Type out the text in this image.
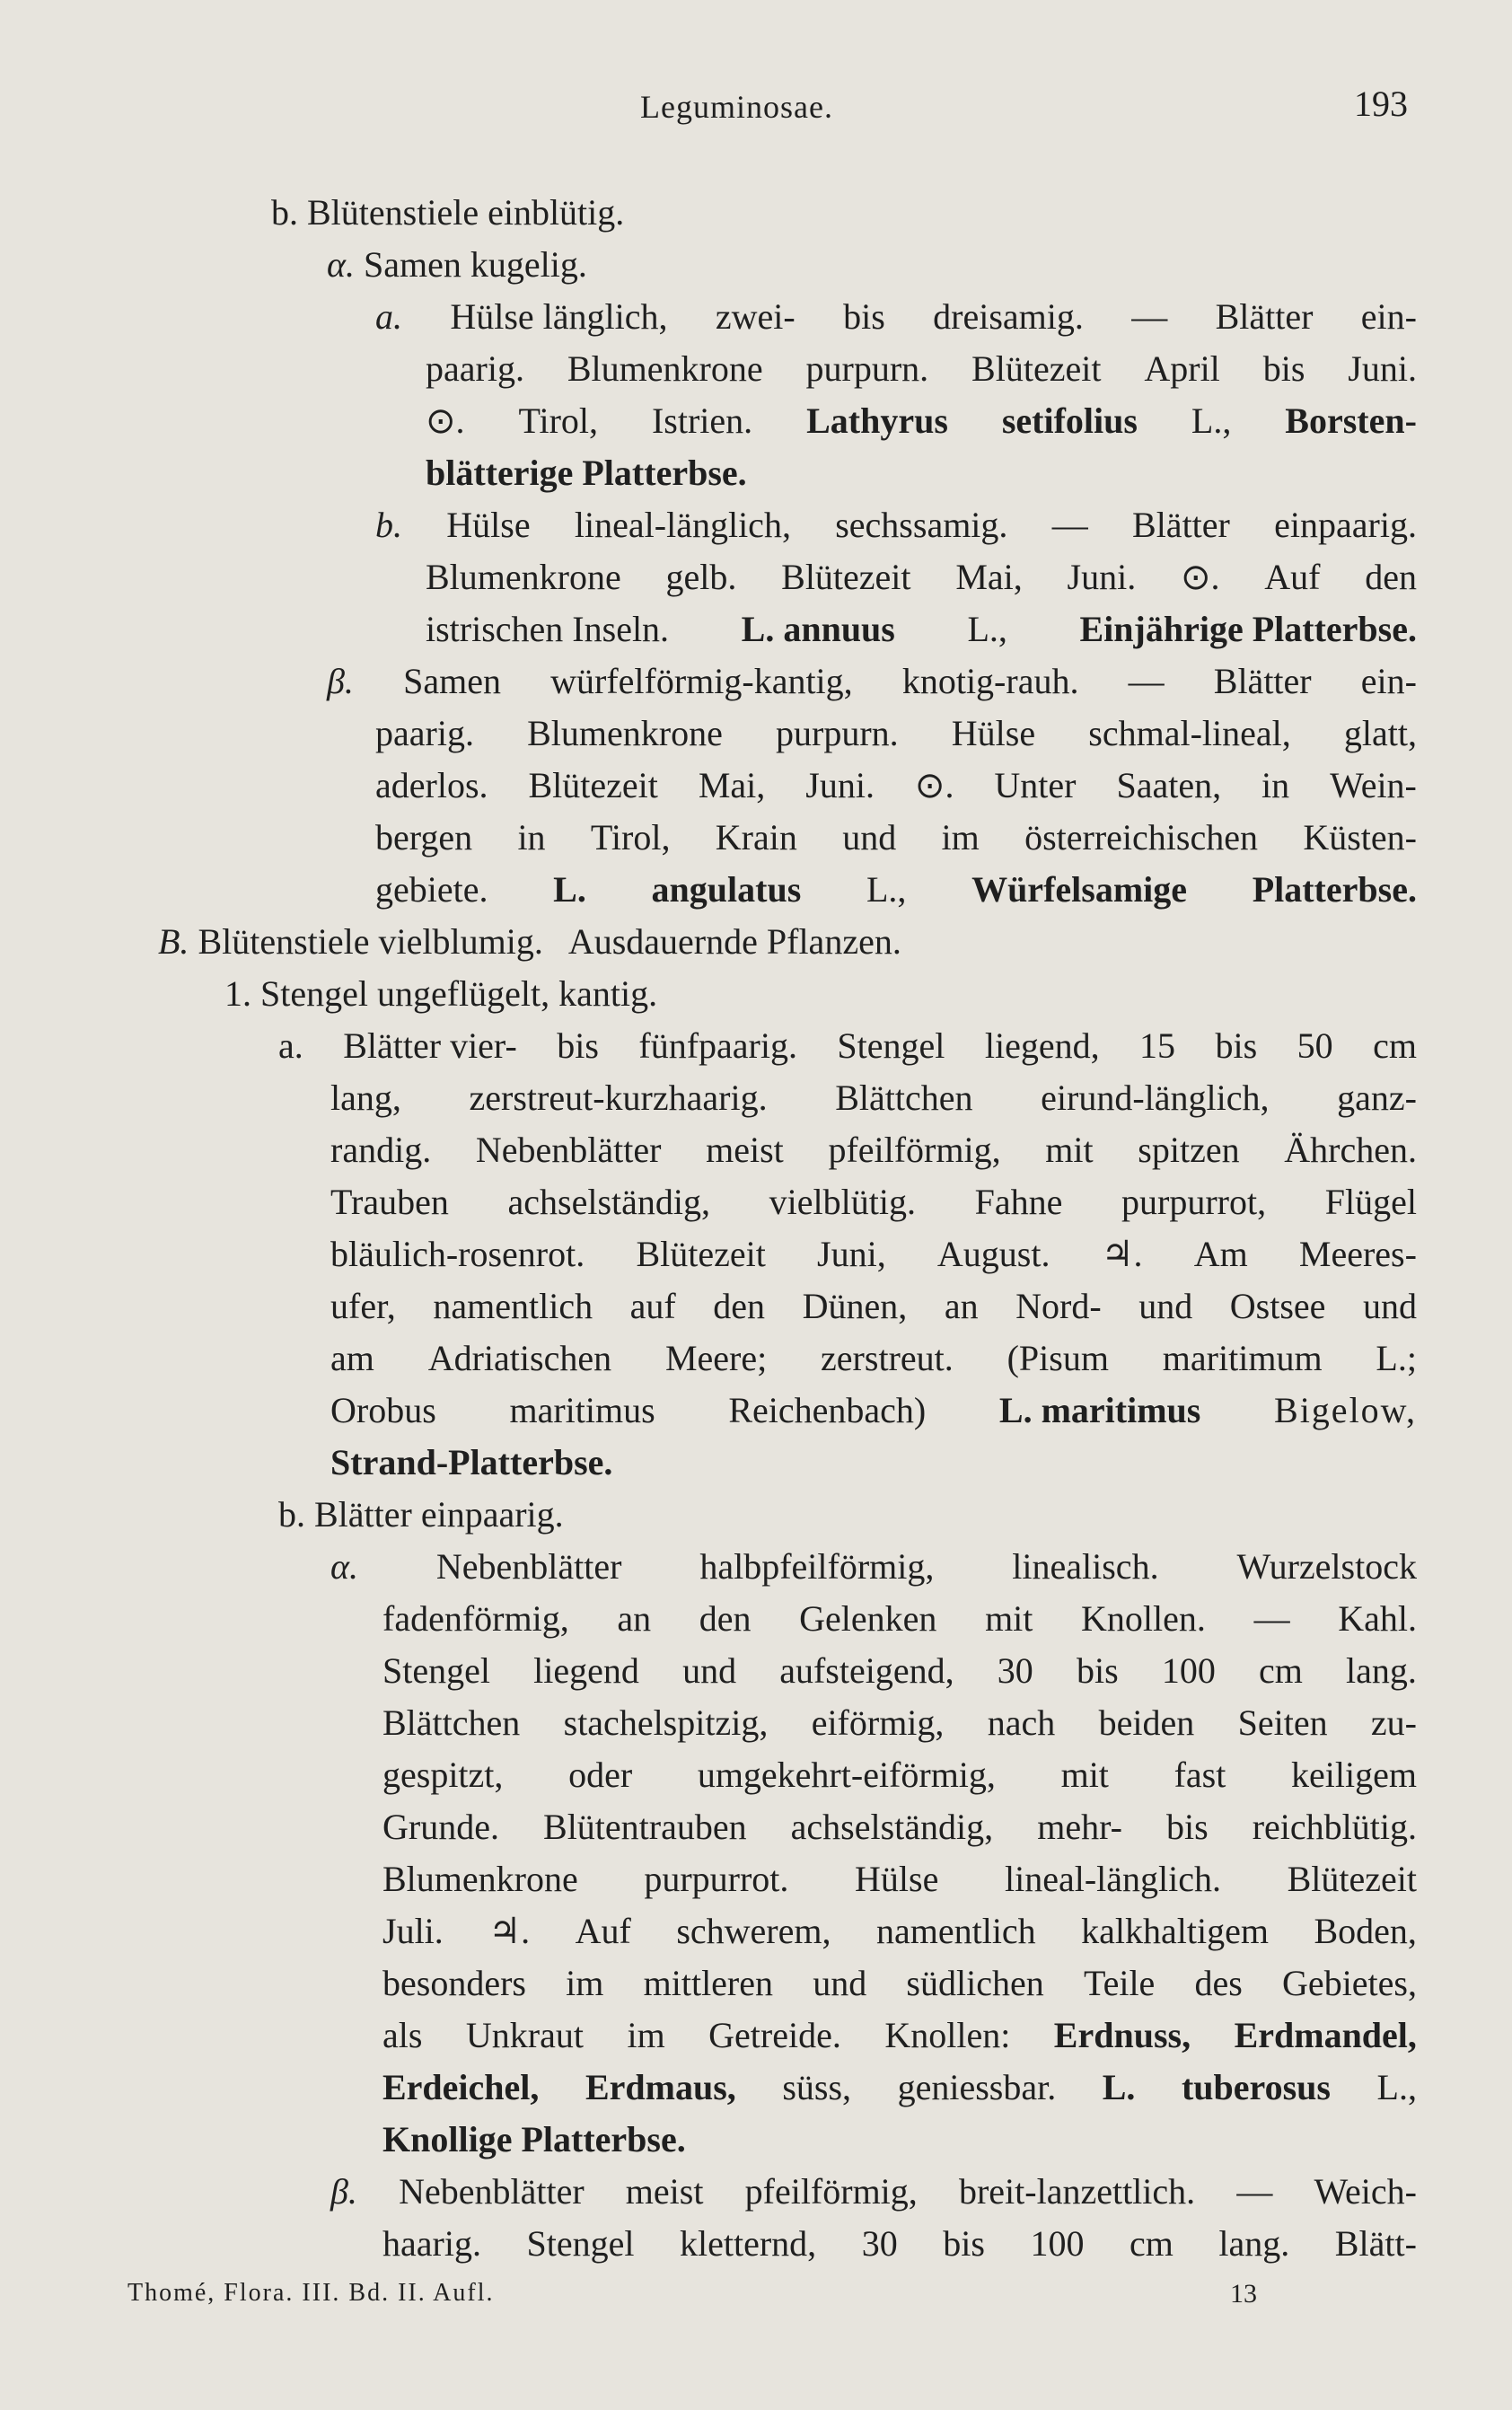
Leguminosae.	193
b. Blütenstiele einblütig.
α. Samen kugelig.
a. Hülse länglich, zwei- bis dreisamig. — Blätter ein-
paarig. Blumenkrone purpurn. Blütezeit April bis Juni.
⊙. Tirol, Istrien. Lathyrus setifolius L., Borsten-
blätterige Platterbse.
b. Hülse lineal-länglich, sechssamig. — Blätter einpaarig.
Blumenkrone gelb. Blütezeit Mai, Juni. ⊙. Auf den
istrischen Inseln. L. annuus L., Einjährige Platterbse.
β. Samen würfelförmig-kantig, knotig-rauh. — Blätter ein-
paarig. Blumenkrone purpurn. Hülse schmal-lineal, glatt,
aderlos. Blütezeit Mai, Juni. ⊙. Unter Saaten, in Wein-
bergen in Tirol, Krain und im österreichischen Küsten-
gebiete. L. angulatus L., Würfelsamige Platterbse.
B. Blütenstiele vielblumig. Ausdauernde Pflanzen.
1. Stengel ungeflügelt, kantig.
a. Blätter vier- bis fünfpaarig. Stengel liegend, 15 bis 50 cm
lang, zerstreut-kurzhaarig. Blättchen eirund-länglich, ganz-
randig. Nebenblätter meist pfeilförmig, mit spitzen Ährchen.
Trauben achselständig, vielblütig. Fahne purpurrot, Flügel
bläulich-rosenrot. Blütezeit Juni, August. ♃. Am Meeres-
ufer, namentlich auf den Dünen, an Nord- und Ostsee und
am Adriatischen Meere; zerstreut. (Pisum maritimum L.;
Orobus maritimus Reichenbach) L. maritimus Bigelow,
Strand-Platterbse.
b. Blätter einpaarig.
α. Nebenblätter halbpfeilförmig, linealisch. Wurzelstock
fadenförmig, an den Gelenken mit Knollen. — Kahl.
Stengel liegend und aufsteigend, 30 bis 100 cm lang.
Blättchen stachelspitzig, eiförmig, nach beiden Seiten zu-
gespitzt, oder umgekehrt-eiförmig, mit fast keiligem
Grunde. Blütentrauben achselständig, mehr- bis reichblütig.
Blumenkrone purpurrot. Hülse lineal-länglich. Blütezeit
Juli. ♃. Auf schwerem, namentlich kalkhaltigem Boden,
besonders im mittleren und südlichen Teile des Gebietes,
als Unkraut im Getreide. Knollen: Erdnuss, Erdmandel,
Erdeichel, Erdmaus, süss, geniessbar. L. tuberosus L.,
Knollige Platterbse.
β. Nebenblätter meist pfeilförmig, breit-lanzettlich. — Weich-
haarig. Stengel kletternd, 30 bis 100 cm lang. Blätt-
Thomé, Flora. III. Bd. II. Aufl.	13
